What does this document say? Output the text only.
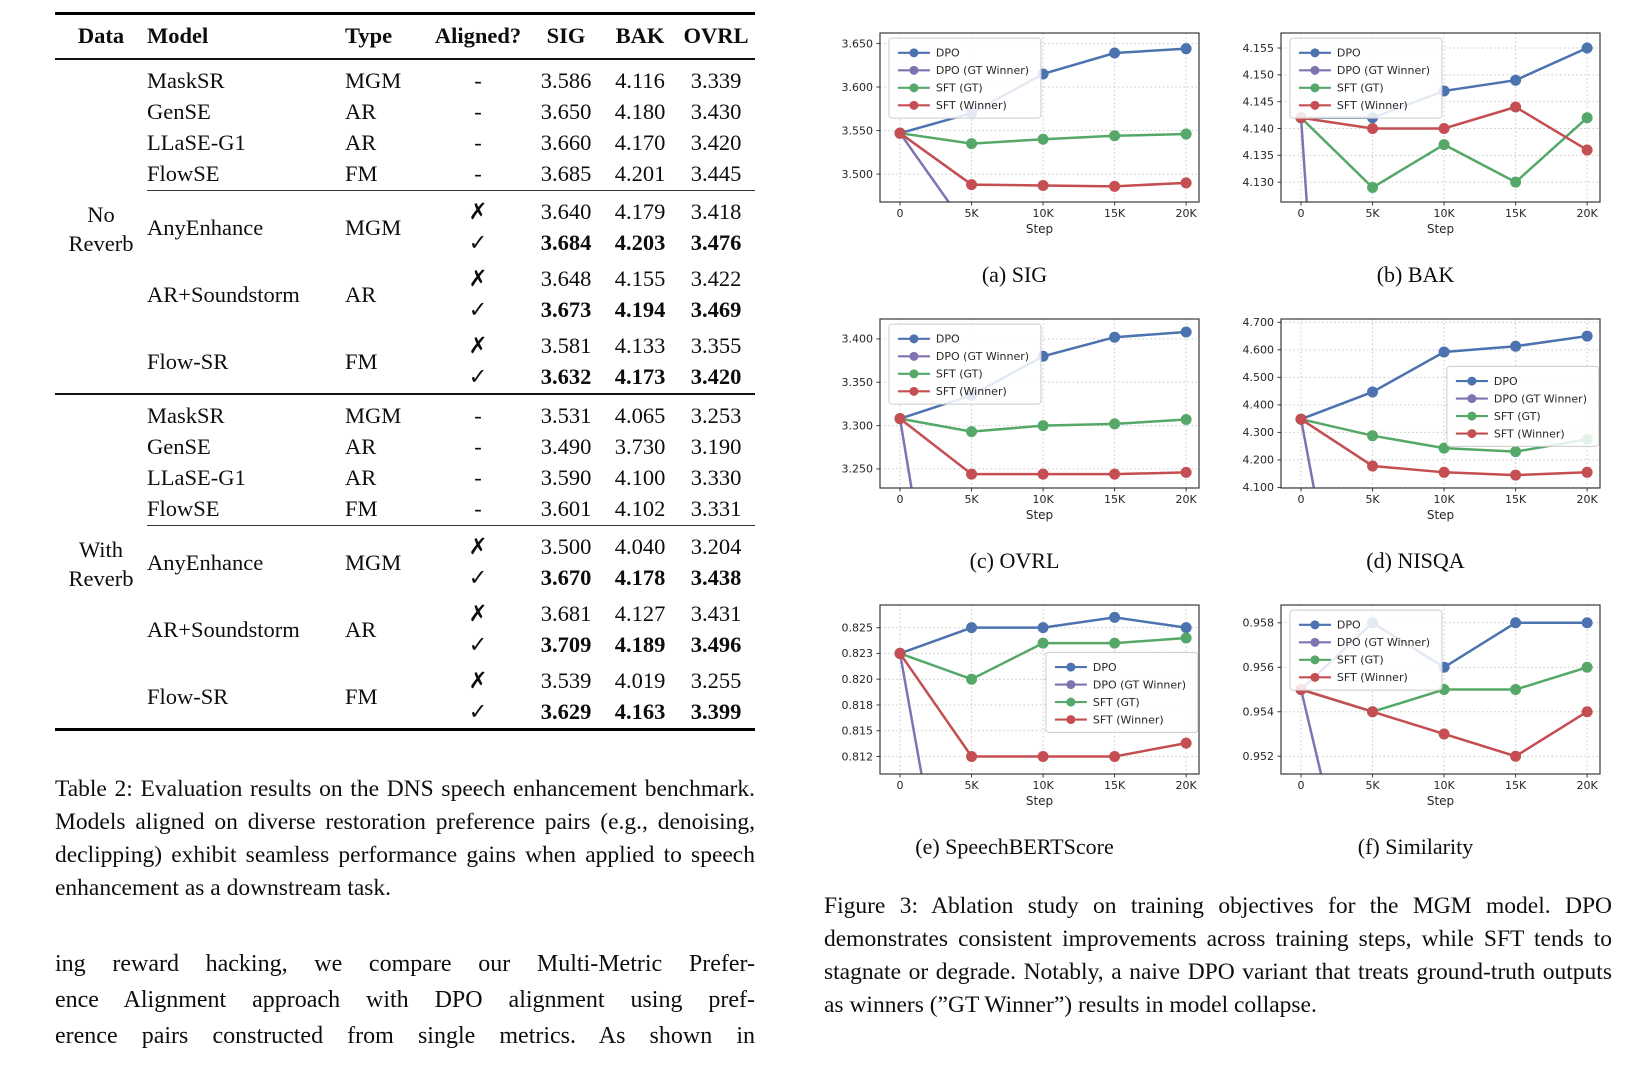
Data	Model	Type	Aligned?	SIG	BAK	OVRL
No Reverb	MaskSR	MGM	-	3.586	4.116	3.339
	GenSE	AR	-	3.650	4.180	3.430
	LLaSE-G1	AR	-	3.660	4.170	3.420
	FlowSE	FM	-	3.685	4.201	3.445
	AnyEnhance	MGM	✗	3.640	4.179	3.418
			✓	3.684	4.203	3.476
	AR+Soundstorm	AR	✗	3.648	4.155	3.422
			✓	3.673	4.194	3.469
	Flow-SR	FM	✗	3.581	4.133	3.355
			✓	3.632	4.173	3.420
With Reverb	MaskSR	MGM	-	3.531	4.065	3.253
	GenSE	AR	-	3.490	3.730	3.190
	LLaSE-G1	AR	-	3.590	4.100	3.330
	FlowSE	FM	-	3.601	4.102	3.331
	AnyEnhance	MGM	✗	3.500	4.040	3.204
			✓	3.670	4.178	3.438
	AR+Soundstorm	AR	✗	3.681	4.127	3.431
			✓	3.709	4.189	3.496
	Flow-SR	FM	✗	3.539	4.019	3.255
			✓	3.629	4.163	3.399

Table 2: Evaluation results on the DNS speech enhancement benchmark. Models aligned on diverse restoration preference pairs (e.g., denoising, declipping) exhibit seamless performance gains when applied to speech enhancement as a downstream task.

ing reward hacking, we compare our Multi-Metric Prefer-
ence Alignment approach with DPO alignment using pref-
erence pairs constructed from single metrics. As shown in
0	5K	10K	15K	20K
3.500
3.550
3.600
3.650
Step
DPO
DPO (GT Winner)
SFT (GT)
SFT (Winner)
(a) SIG
0	5K	10K	15K	20K
4.130
4.135
4.140
4.145
4.150
4.155
Step
DPO
DPO (GT Winner)
SFT (GT)
SFT (Winner)
(b) BAK
0	5K	10K	15K	20K
3.250
3.300
3.350
3.400
Step
DPO
DPO (GT Winner)
SFT (GT)
SFT (Winner)
(c) OVRL
0	5K	10K	15K	20K
4.100
4.200
4.300
4.400
4.500
4.600
4.700
Step
DPO
DPO (GT Winner)
SFT (GT)
SFT (Winner)
(d) NISQA
0	5K	10K	15K	20K
0.812
0.815
0.818
0.820
0.823
0.825
Step
DPO
DPO (GT Winner)
SFT (GT)
SFT (Winner)
(e) SpeechBERTScore
0	5K	10K	15K	20K
0.952
0.954
0.956
0.958
Step
DPO
DPO (GT Winner)
SFT (GT)
SFT (Winner)
(f) Similarity

Figure 3: Ablation study on training objectives for the MGM model. DPO demonstrates consistent improvements across training steps, while SFT tends to stagnate or degrade. Notably, a naive DPO variant that treats ground-truth outputs as winners (”GT Winner”) results in model collapse.
